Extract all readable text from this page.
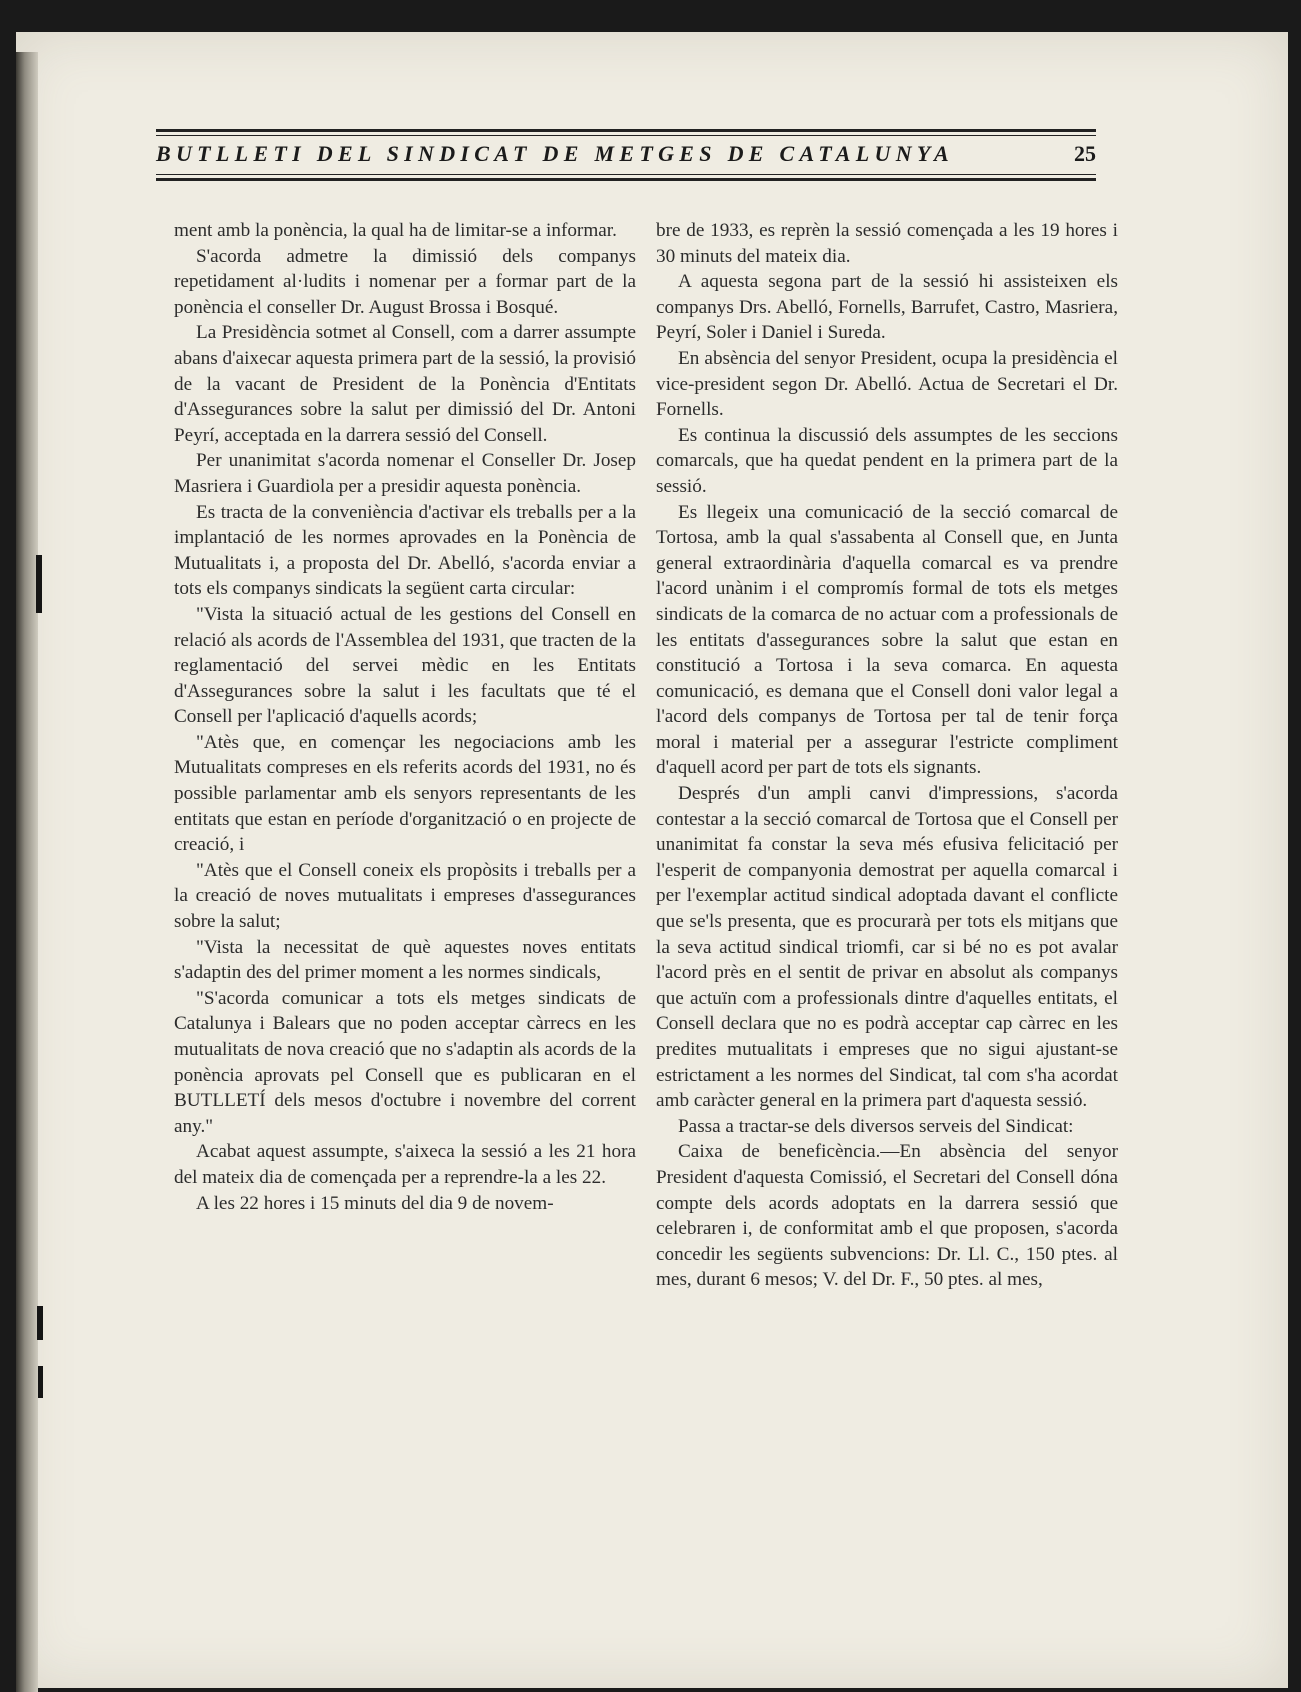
BUTLLETI DEL SINDICAT DE METGES DE CATALUNYA	25

ment amb la ponència, la qual ha de limitar-se a informar.

S'acorda admetre la dimissió dels companys repetidament al·ludits i nomenar per a formar part de la ponència el conseller Dr. August Brossa i Bosqué.

La Presidència sotmet al Consell, com a darrer assumpte abans d'aixecar aquesta primera part de la sessió, la provisió de la vacant de President de la Ponència d'Entitats d'Assegurances sobre la salut per dimissió del Dr. Antoni Peyrí, acceptada en la darrera sessió del Consell.

Per unanimitat s'acorda nomenar el Conseller Dr. Josep Masriera i Guardiola per a presidir aquesta ponència.

Es tracta de la conveniència d'activar els treballs per a la implantació de les normes aprovades en la Ponència de Mutualitats i, a proposta del Dr. Abelló, s'acorda enviar a tots els companys sindicats la següent carta circular:

"Vista la situació actual de les gestions del Consell en relació als acords de l'Assemblea del 1931, que tracten de la reglamentació del servei mèdic en les Entitats d'Assegurances sobre la salut i les facultats que té el Consell per l'aplicació d'aquells acords;

"Atès que, en començar les negociacions amb les Mutualitats compreses en els referits acords del 1931, no és possible parlamentar amb els senyors representants de les entitats que estan en període d'organització o en projecte de creació, i

"Atès que el Consell coneix els propòsits i treballs per a la creació de noves mutualitats i empreses d'assegurances sobre la salut;

"Vista la necessitat de què aquestes noves entitats s'adaptin des del primer moment a les normes sindicals,

"S'acorda comunicar a tots els metges sindicats de Catalunya i Balears que no poden acceptar càrrecs en les mutualitats de nova creació que no s'adaptin als acords de la ponència aprovats pel Consell que es publicaran en el BUTLLETÍ dels mesos d'octubre i novembre del corrent any."

Acabat aquest assumpte, s'aixeca la sessió a les 21 hora del mateix dia de començada per a reprendre-la a les 22.

A les 22 hores i 15 minuts del dia 9 de novem-

bre de 1933, es reprèn la sessió començada a les 19 hores i 30 minuts del mateix dia.

A aquesta segona part de la sessió hi assisteixen els companys Drs. Abelló, Fornells, Barrufet, Castro, Masriera, Peyrí, Soler i Daniel i Sureda.

En absència del senyor President, ocupa la presidència el vice-president segon Dr. Abelló. Actua de Secretari el Dr. Fornells.

Es continua la discussió dels assumptes de les seccions comarcals, que ha quedat pendent en la primera part de la sessió.

Es llegeix una comunicació de la secció comarcal de Tortosa, amb la qual s'assabenta al Consell que, en Junta general extraordinària d'aquella comarcal es va prendre l'acord unànim i el compromís formal de tots els metges sindicats de la comarca de no actuar com a professionals de les entitats d'assegurances sobre la salut que estan en constitució a Tortosa i la seva comarca. En aquesta comunicació, es demana que el Consell doni valor legal a l'acord dels companys de Tortosa per tal de tenir força moral i material per a assegurar l'estricte compliment d'aquell acord per part de tots els signants.

Després d'un ampli canvi d'impressions, s'acorda contestar a la secció comarcal de Tortosa que el Consell per unanimitat fa constar la seva més efusiva felicitació per l'esperit de companyonia demostrat per aquella comarcal i per l'exemplar actitud sindical adoptada davant el conflicte que se'ls presenta, que es procurarà per tots els mitjans que la seva actitud sindical triomfi, car si bé no es pot avalar l'acord près en el sentit de privar en absolut als companys que actuïn com a professionals dintre d'aquelles entitats, el Consell declara que no es podrà acceptar cap càrrec en les predites mutualitats i empreses que no sigui ajustant-se estrictament a les normes del Sindicat, tal com s'ha acordat amb caràcter general en la primera part d'aquesta sessió.

Passa a tractar-se dels diversos serveis del Sindicat:

Caixa de beneficència.—En absència del senyor President d'aquesta Comissió, el Secretari del Consell dóna compte dels acords adoptats en la darrera sessió que celebraren i, de conformitat amb el que proposen, s'acorda concedir les següents subvencions: Dr. Ll. C., 150 ptes. al mes, durant 6 mesos; V. del Dr. F., 50 ptes. al mes,
